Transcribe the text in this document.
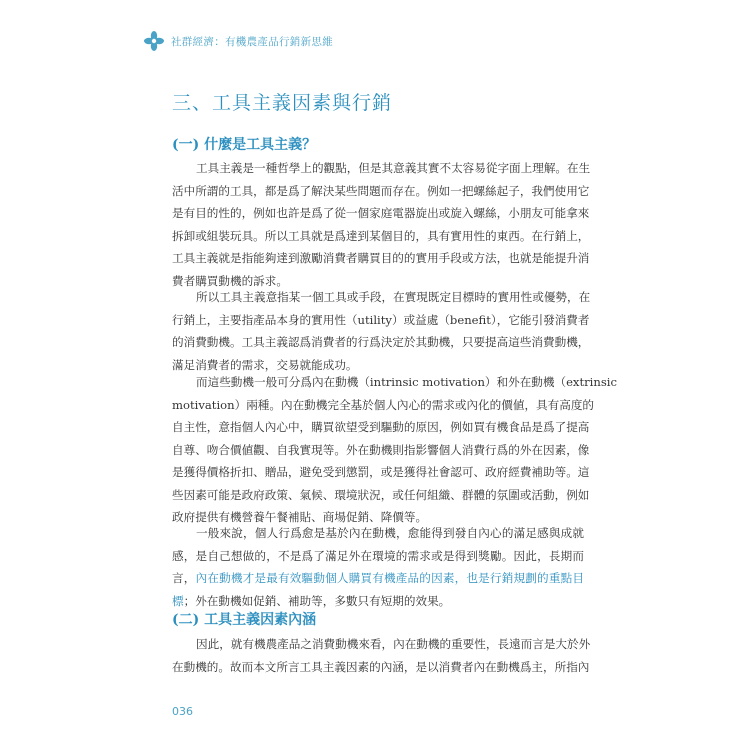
社群經濟：有機農產品行銷新思維
三、工具主義因素與行銷
(一) 什麼是工具主義？

工具主義是一種哲學上的觀點，但是其意義其實不太容易從字面上理解。在生
活中所謂的工具，都是爲了解決某些問題而存在。例如一把螺絲起子，我們使用它
是有目的性的，例如也許是爲了從一個家庭電器旋出或旋入螺絲，小朋友可能拿來
拆卸或組裝玩具。所以工具就是爲達到某個目的，具有實用性的東西。在行銷上，
工具主義就是指能夠達到激勵消費者購買目的的實用手段或方法，也就是能提升消
費者購買動機的訴求。

所以工具主義意指某一個工具或手段，在實現既定目標時的實用性或優勢，在
行銷上，主要指產品本身的實用性（utility）或益處（benefit），它能引發消費者
的消費動機。工具主義認爲消費者的行爲決定於其動機，只要提高這些消費動機，
滿足消費者的需求，交易就能成功。

而這些動機一般可分爲內在動機（intrinsic motivation）和外在動機（extrinsic
motivation）兩種。內在動機完全基於個人內心的需求或內化的價値，具有高度的
自主性，意指個人內心中，購買欲望受到驅動的原因，例如買有機食品是爲了提高
自尊、吻合價値觀、自我實現等。外在動機則指影響個人消費行爲的外在因素，像
是獲得價格折扣、贈品，避免受到懲罰，或是獲得社會認可、政府經費補助等。這
些因素可能是政府政策、氣候、環境狀況，或任何組織、群體的氛圍或活動，例如
政府提供有機營養午餐補貼、商場促銷、降價等。

一般來說，個人行爲愈是基於內在動機，愈能得到發自內心的滿足感與成就
感，是自己想做的，不是爲了滿足外在環境的需求或是得到獎勵。因此，長期而
言，內在動機才是最有效驅動個人購買有機產品的因素，也是行銷規劃的重點目
標；外在動機如促銷、補助等，多數只有短期的效果。

(二) 工具主義因素內涵

因此，就有機農產品之消費動機來看，內在動機的重要性，長遠而言是大於外
在動機的。故而本文所言工具主義因素的內涵，是以消費者內在動機爲主，所指內

036
